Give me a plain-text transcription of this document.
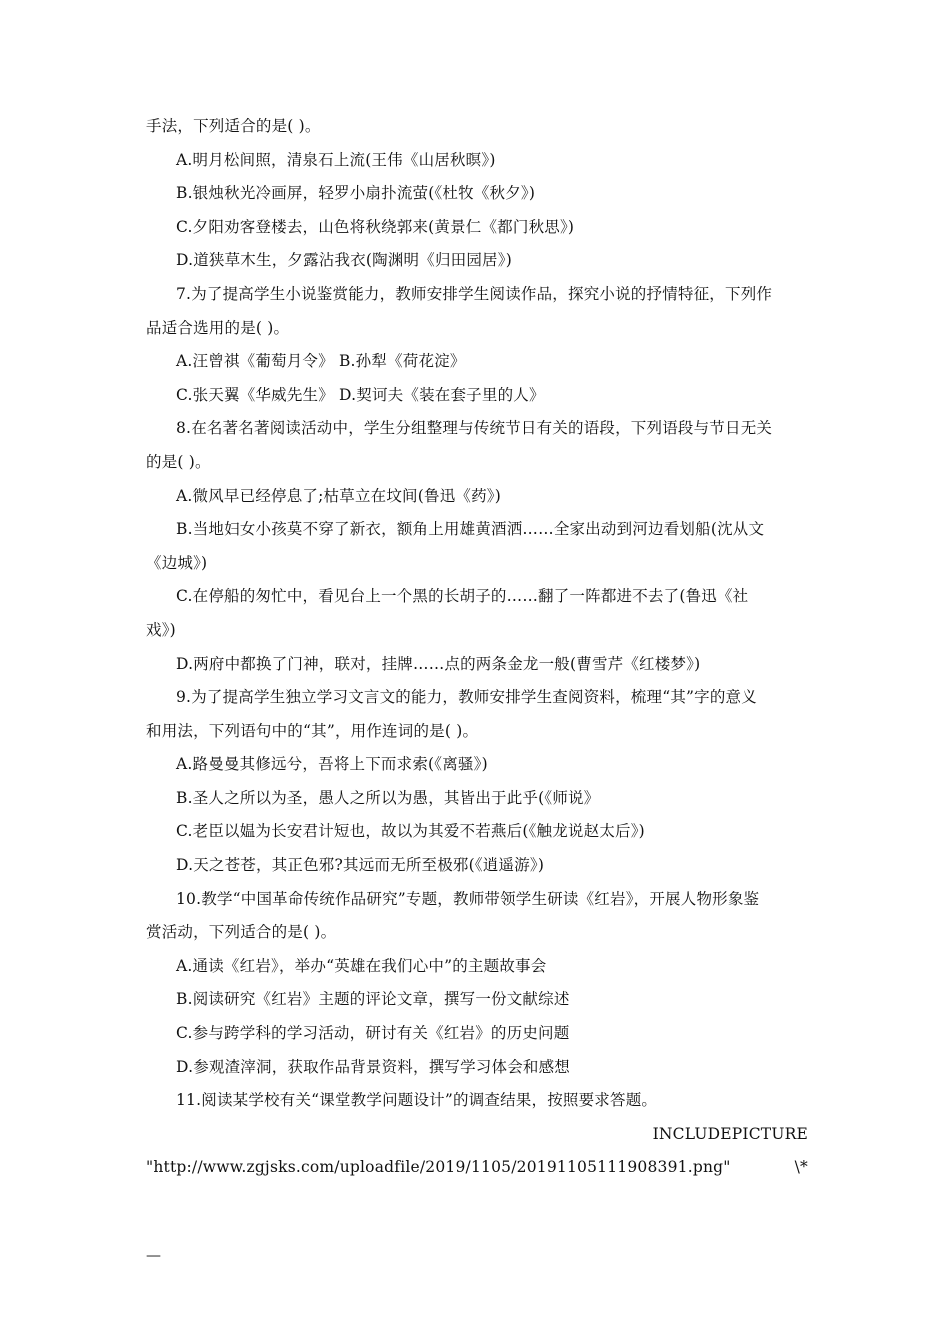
手法，下列适合的是( )。
A.明月松间照，清泉石上流(王伟《山居秋暝》)
B.银烛秋光冷画屏，轻罗小扇扑流萤(《杜牧《秋夕》)
C.夕阳劝客登楼去，山色将秋绕郭来(黄景仁《都门秋思》)
D.道狭草木生，夕露沾我衣(陶渊明《归田园居》)
7.为了提高学生小说鉴赏能力，教师安排学生阅读作品，探究小说的抒情特征，下列作
品适合选用的是( )。
A.汪曾祺《葡萄月令》 B.孙犁《荷花淀》
C.张天翼《华威先生》 D.契诃夫《装在套子里的人》
8.在名著名著阅读活动中，学生分组整理与传统节日有关的语段，下列语段与节日无关
的是( )。
A.微风早已经停息了;枯草立在坟间(鲁迅《药》)
B.当地妇女小孩莫不穿了新衣，额角上用雄黄酒洒……全家出动到河边看划船(沈从文
《边城》)
C.在停船的匆忙中，看见台上一个黑的长胡子的……翻了一阵都进不去了(鲁迅《社
戏》)
D.两府中都换了门神，联对，挂牌……点的两条金龙一般(曹雪芹《红楼梦》)
9.为了提高学生独立学习文言文的能力，教师安排学生查阅资料，梳理“其”字的意义
和用法，下列语句中的“其”，用作连词的是( )。
A.路曼曼其修远兮，吾将上下而求索(《离骚》)
B.圣人之所以为圣，愚人之所以为愚，其皆出于此乎(《师说》
C.老臣以媪为长安君计短也，故以为其爱不若燕后(《触龙说赵太后》)
D.天之苍苍，其正色邪?其远而无所至极邪(《逍遥游》)
10.教学“中国革命传统作品研究”专题，教师带领学生研读《红岩》，开展人物形象鉴
赏活动，下列适合的是( )。
A.通读《红岩》，举办“英雄在我们心中”的主题故事会
B.阅读研究《红岩》主题的评论文章，撰写一份文献综述
C.参与跨学科的学习活动，研讨有关《红岩》的历史问题
D.参观渣滓洞，获取作品背景资料，撰写学习体会和感想
11.阅读某学校有关“课堂教学问题设计”的调查结果，按照要求答题。
INCLUDEPICTURE
"http://www.zgjsks.com/uploadfile/2019/1105/20191105111908391.png"	\*
—
